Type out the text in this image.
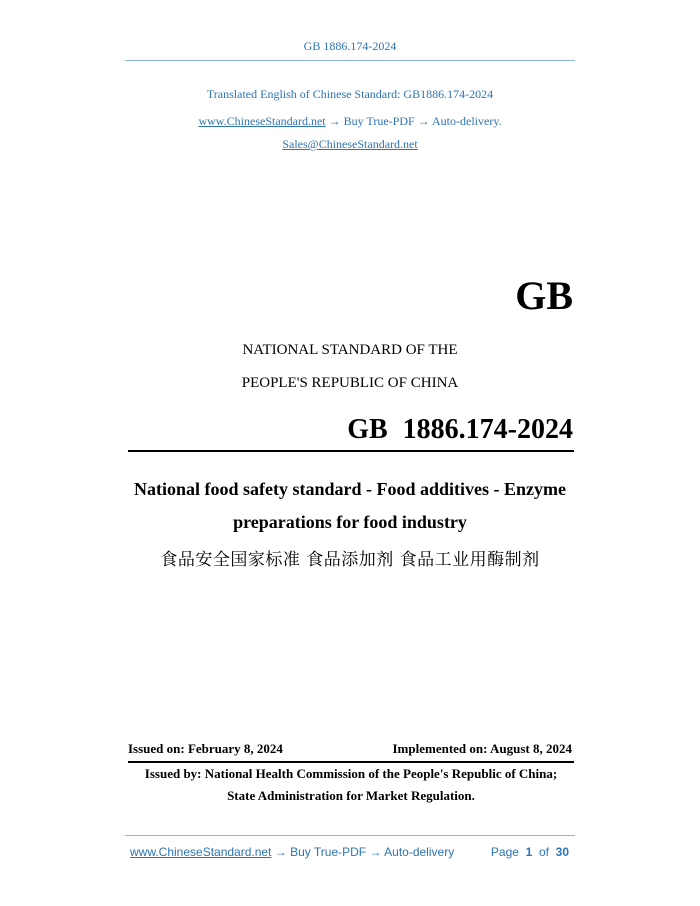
GB 1886.174-2024
Translated English of Chinese Standard: GB1886.174-2024
www.ChineseStandard.net → Buy True-PDF → Auto-delivery.
Sales@ChineseStandard.net
GB
NATIONAL STANDARD OF THE
PEOPLE'S REPUBLIC OF CHINA
GB 1886.174-2024
National food safety standard - Food additives - Enzyme
preparations for food industry
食品安全国家标准 食品添加剂 食品工业用酶制剂
Issued on: February 8, 2024	Implemented on: August 8, 2024
Issued by: National Health Commission of the People's Republic of China;
State Administration for Market Regulation.
www.ChineseStandard.net → Buy True-PDF → Auto-delivery	Page 1 of 30
